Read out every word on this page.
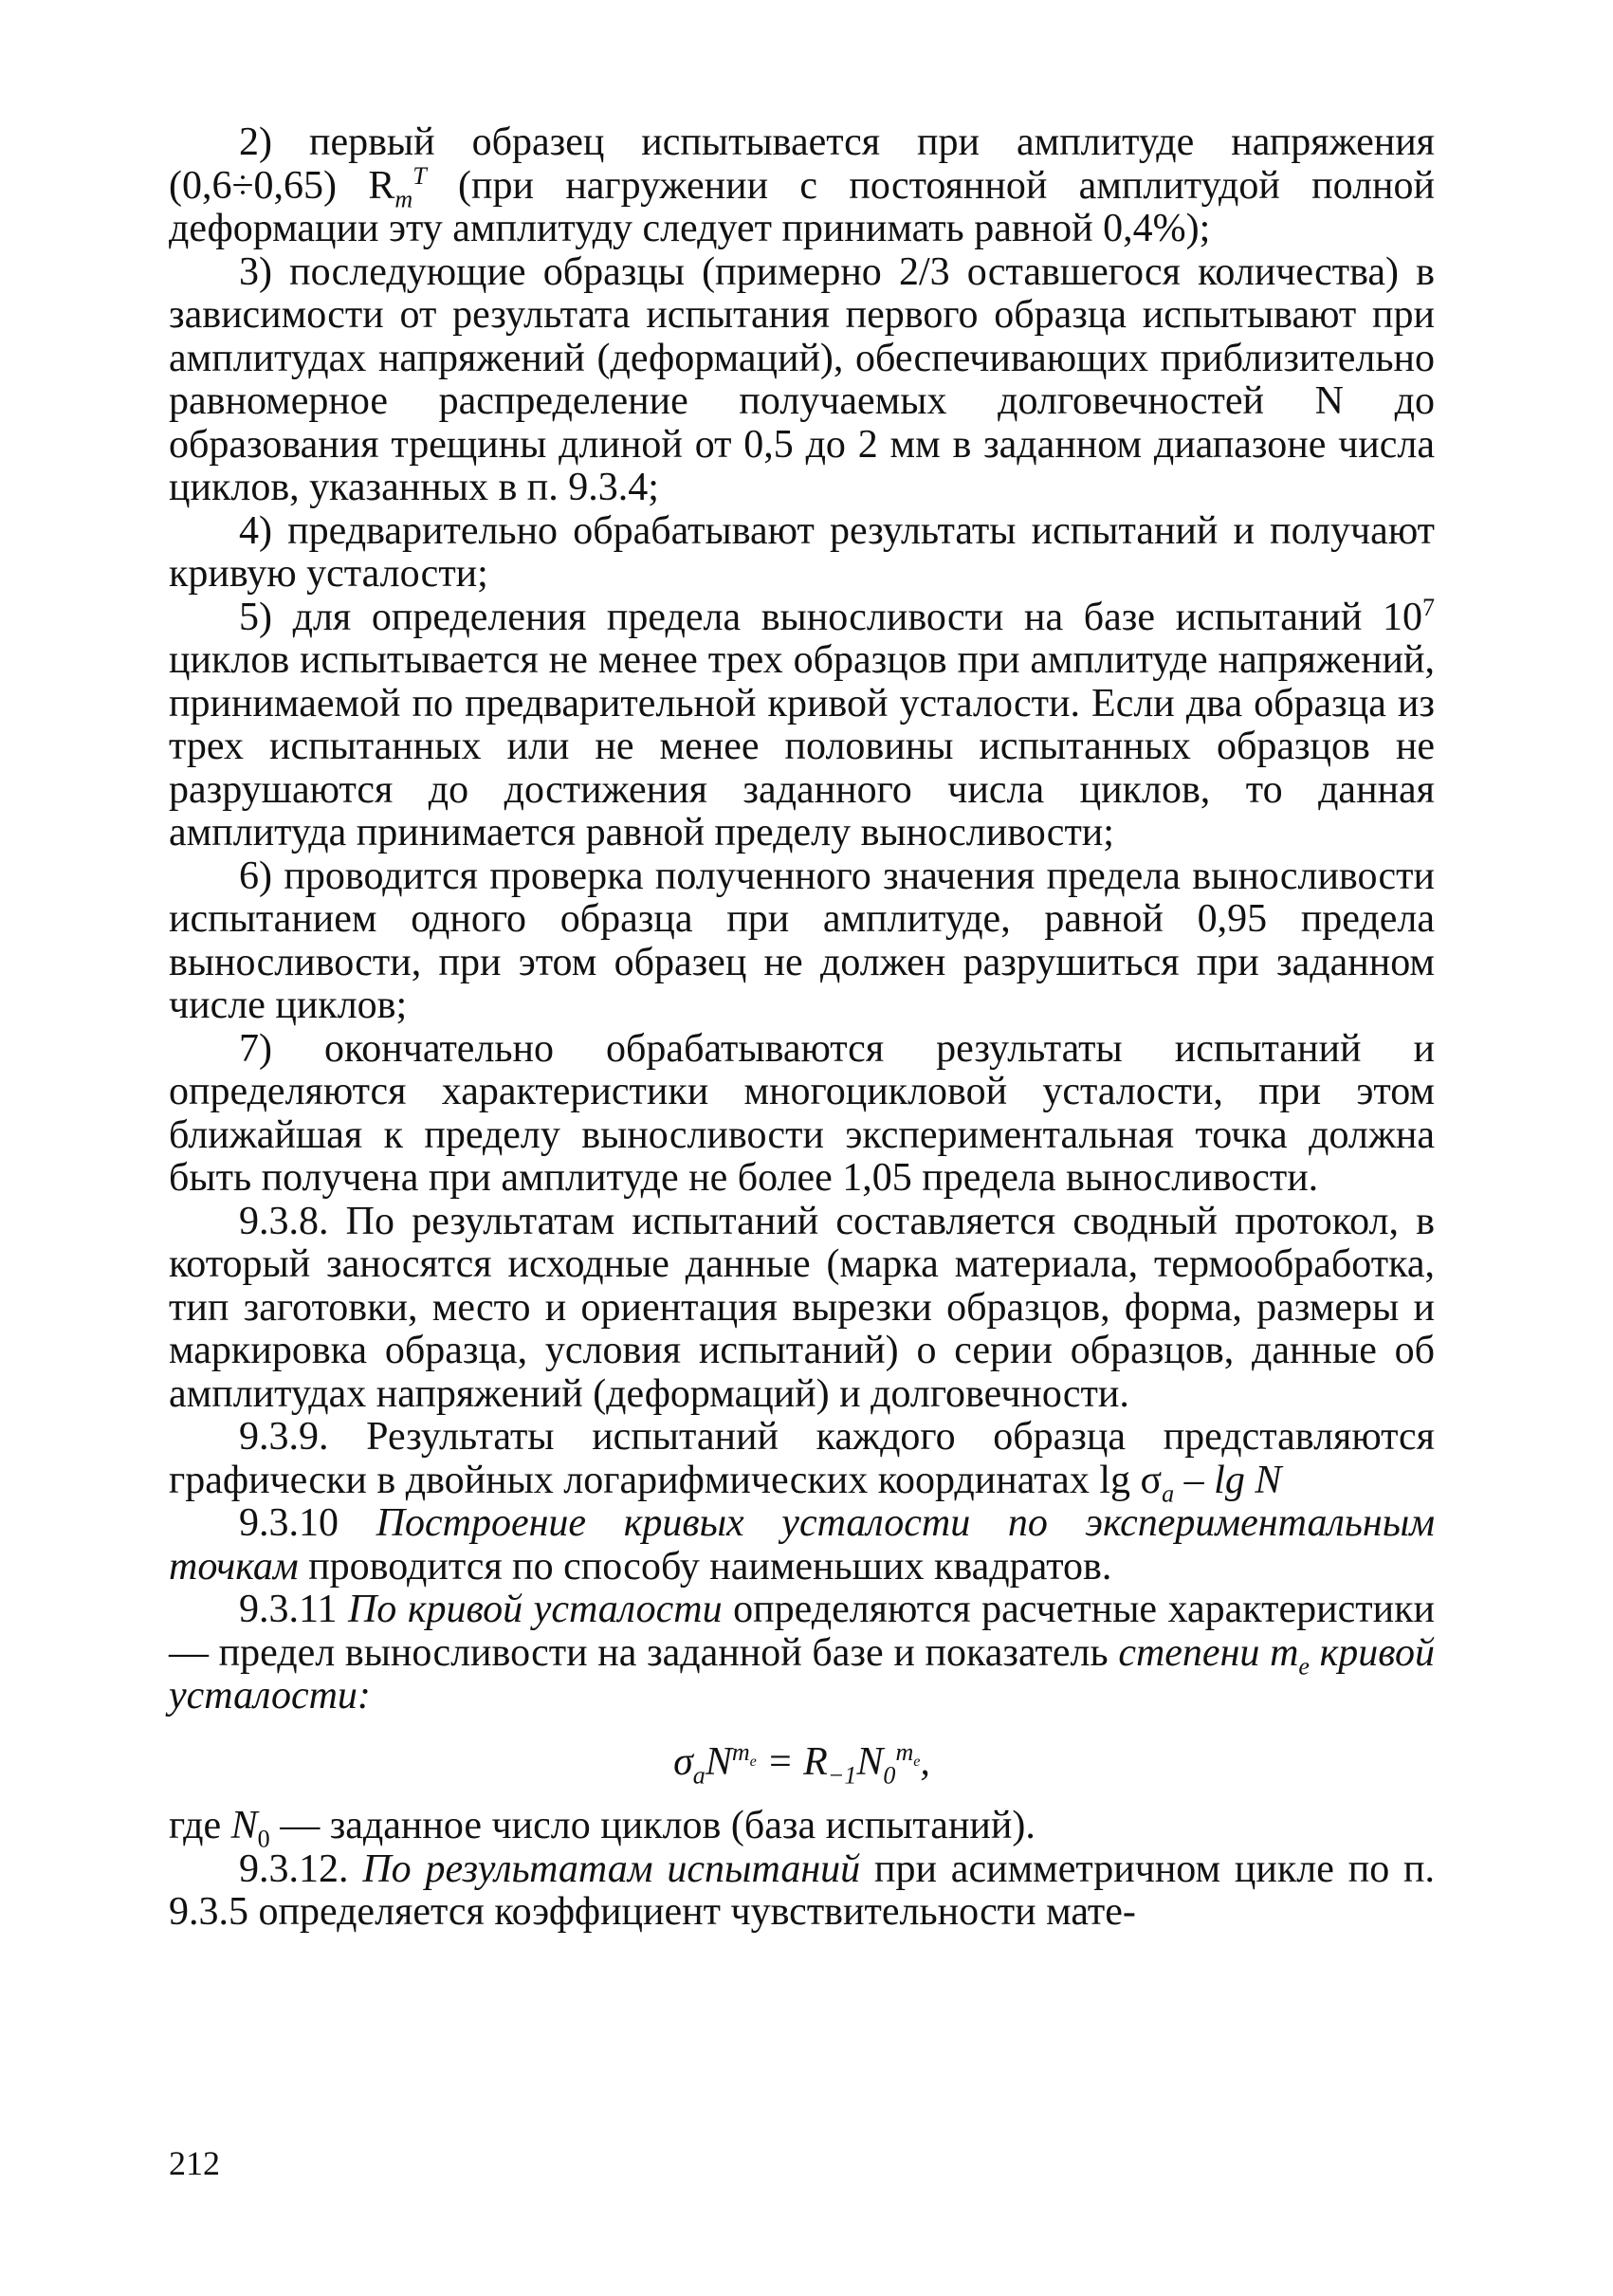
2) первый образец испытывается при амплитуде напряжения (0,6÷0,65) $R_m^T$ (при нагружении с постоянной амплитудой полной деформации эту амплитуду следует принимать равной 0,4%);

3) последующие образцы (примерно 2/3 оставшегося количества) в зависимости от результата испытания первого образца испытывают при амплитудах напряжений (деформаций), обеспечивающих приблизительно равномерное распределение получаемых долговечностей N до образования трещины длиной от 0,5 до 2 мм в заданном диапазоне числа циклов, указанных в п. 9.3.4;

4) предварительно обрабатывают результаты испытаний и получают кривую усталости;

5) для определения предела выносливости на базе испытаний $10^7$ циклов испытывается не менее трех образцов при амплитуде напряжений, принимаемой по предварительной кривой усталости. Если два образца из трех испытанных или не менее половины испытанных образцов не разрушаются до достижения заданного числа циклов, то данная амплитуда принимается равной пределу выносливости;

6) проводится проверка полученного значения предела выносливости испытанием одного образца при амплитуде, равной 0,95 предела выносливости, при этом образец не должен разрушиться при заданном числе циклов;

7) окончательно обрабатываются результаты испытаний и определяются характеристики многоцикловой усталости, при этом ближайшая к пределу выносливости экспериментальная точка должна быть получена при амплитуде не более 1,05 предела выносливости.

9.3.8. По результатам испытаний составляется сводный протокол, в который заносятся исходные данные (марка материала, термообработка, тип заготовки, место и ориентация вырезки образцов, форма, размеры и маркировка образца, условия испытаний) о серии образцов, данные об амплитудах напряжений (деформаций) и долговечности.

9.3.9. Результаты испытаний каждого образца представляются графически в двойных логарифмических координатах $\lg \sigma_a$ – lg N

9.3.10 Построение кривых усталости по экспериментальным точкам проводится по способу наименьших квадратов.

9.3.11 По кривой усталости определяются расчетные характеристики — предел выносливости на заданной базе и показатель степени $m_e$ кривой усталости:

$\sigma_aN^{m_e} = R_{-1}N_0^{m_e}$,

где $N_0$ — заданное число циклов (база испытаний).

9.3.12. По результатам испытаний при асимметричном цикле по п. 9.3.5 определяется коэффициент чувствительности мате-

212
